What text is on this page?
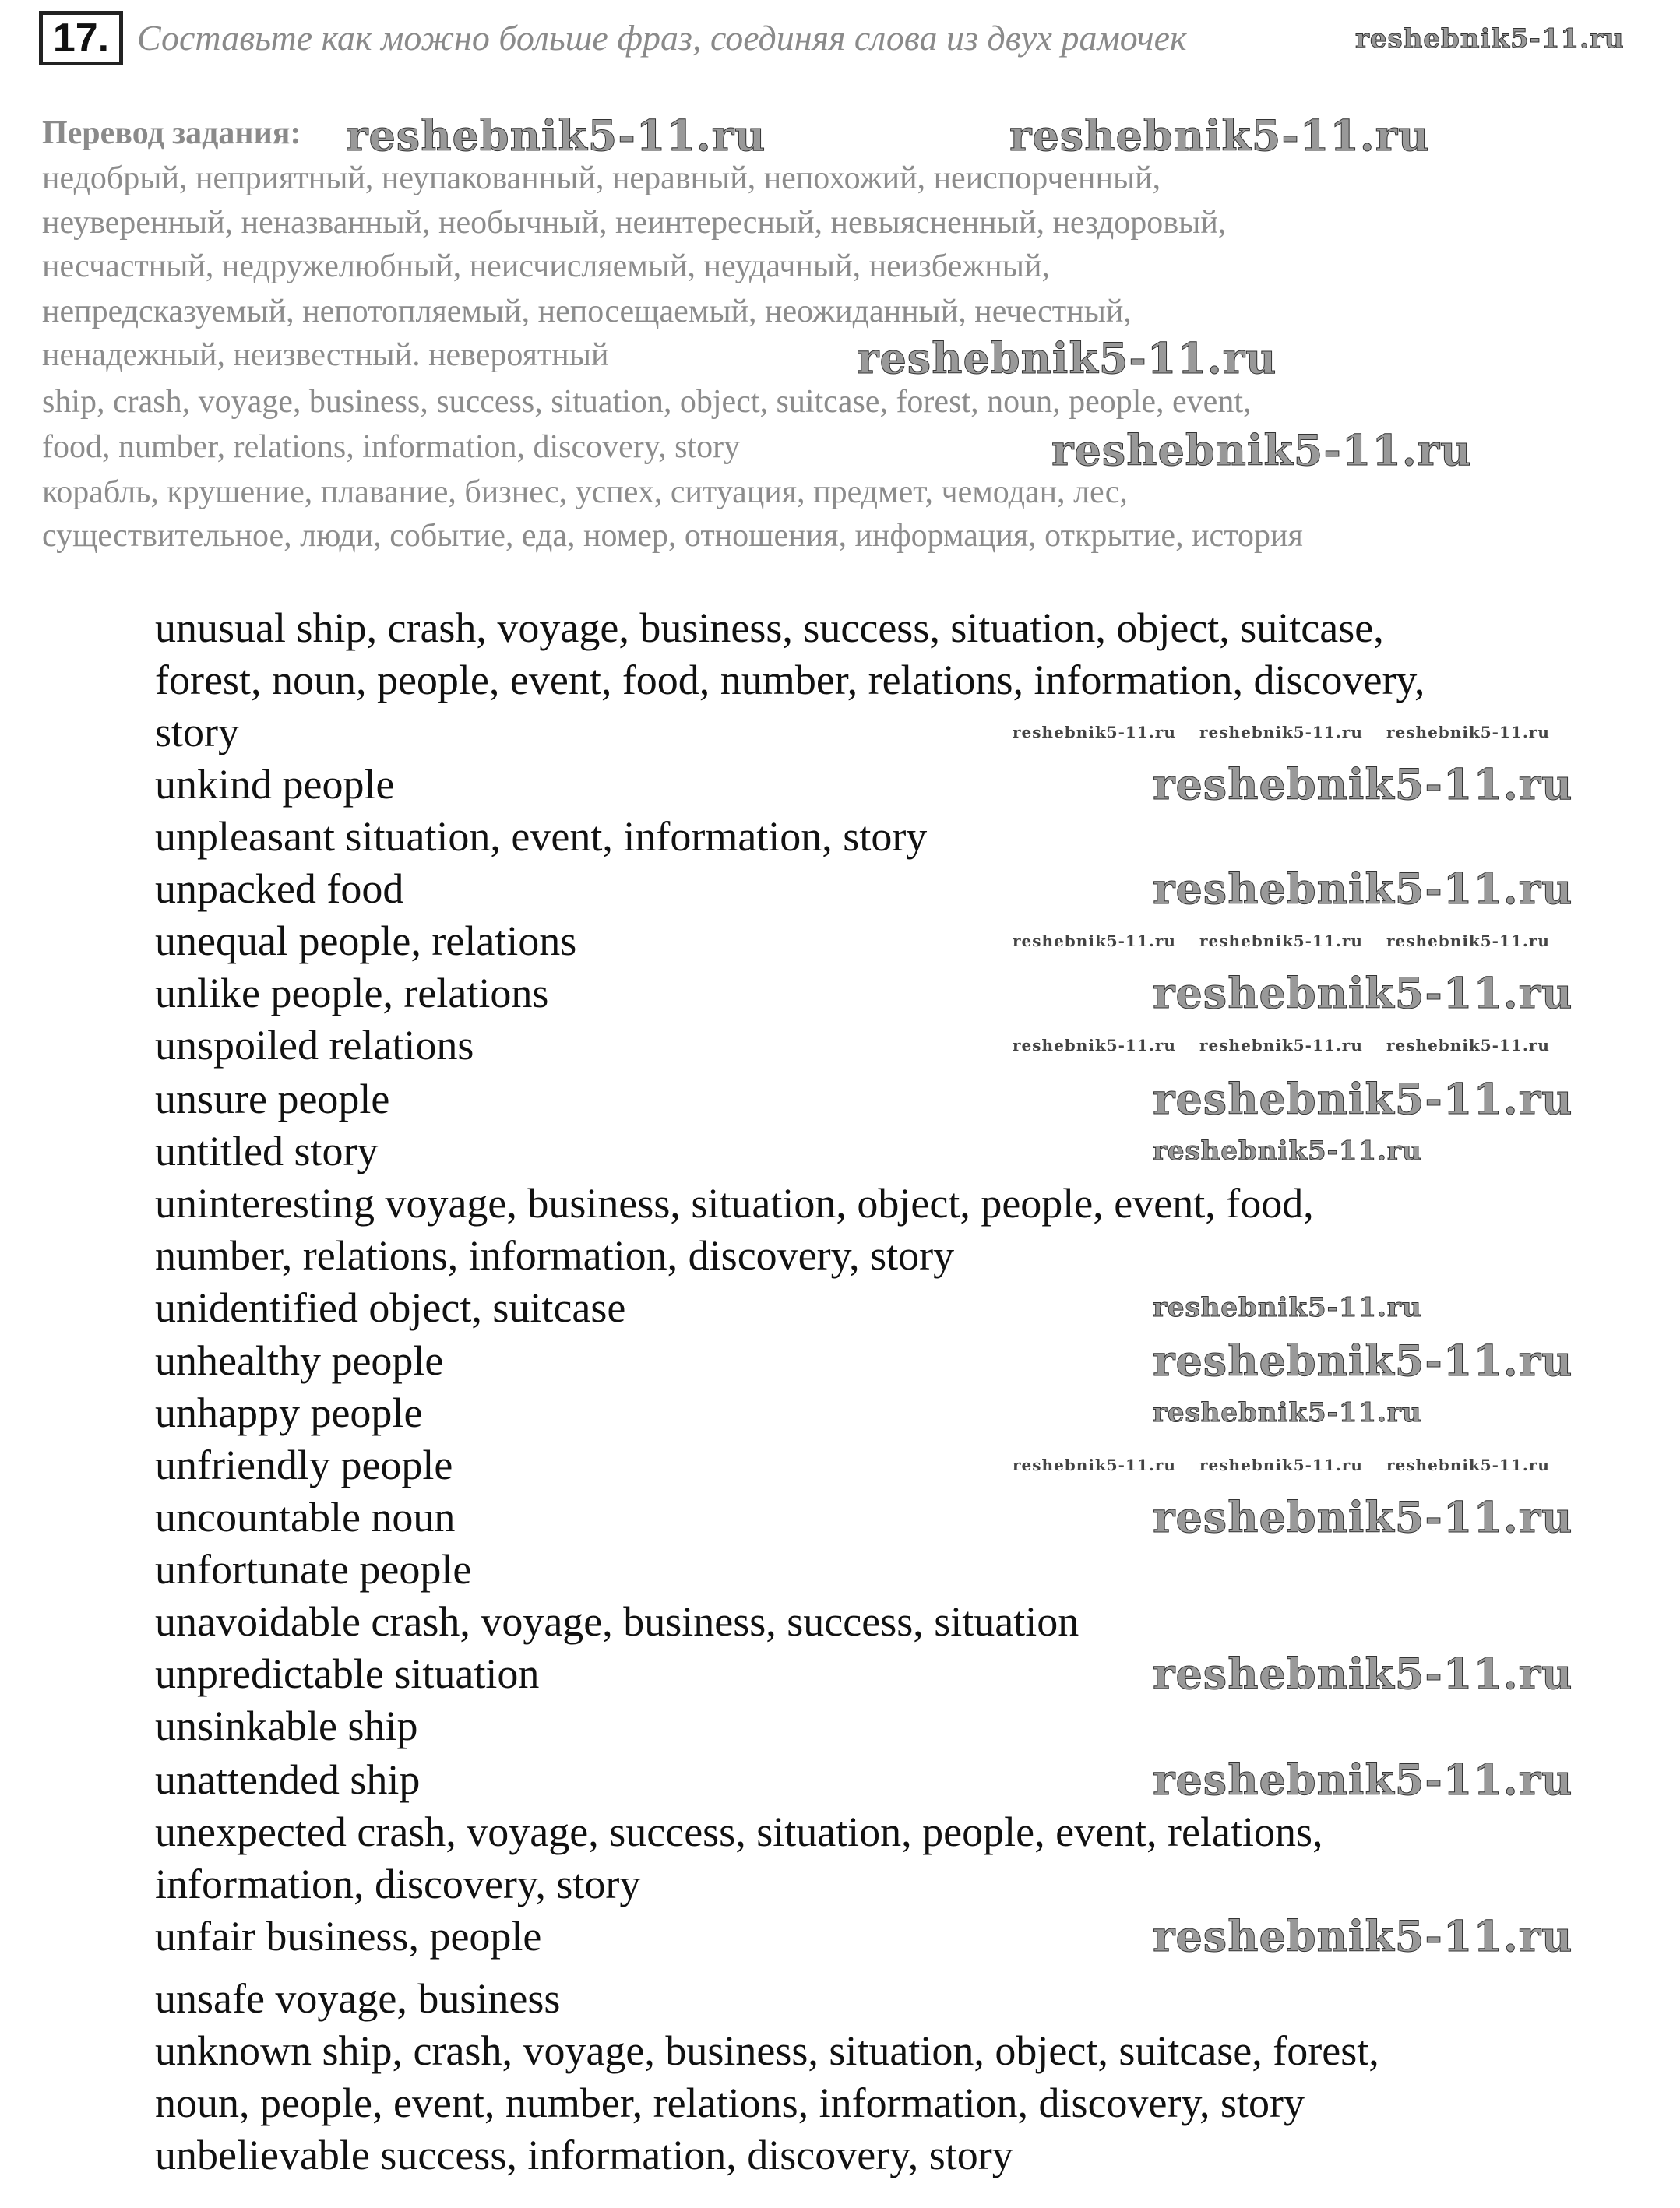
17. Составьте как можно больше фраз, соединяя слова из двух рамочек
Перевод задания:
недобрый, неприятный, неупакованный, неравный, непохожий, неиспорченный,
неуверенный, неназванный, необычный, неинтересный, невыясненный, нездоровый,
несчастный, недружелюбный, неисчисляемый, неудачный, неизбежный,
непредсказуемый, непотопляемый, непосещаемый, неожиданный, нечестный,
ненадежный, неизвестный. невероятный
ship, crash, voyage, business, success, situation, object, suitcase, forest, noun, people, event,
food, number, relations, information, discovery, story
корабль, крушение, плавание, бизнес, успех, ситуация, предмет, чемодан, лес,
существительное, люди, событие, еда, номер, отношения, информация, открытие, история
unusual ship, crash, voyage, business, success, situation, object, suitcase,
forest, noun, people, event, food, number, relations, information, discovery,
story
unkind people
unpleasant situation, event, information, story
unpacked food
unequal people, relations
unlike people, relations
unspoiled relations
unsure people
untitled story
uninteresting voyage, business, situation, object, people, event, food,
number, relations, information, discovery, story
unidentified object, suitcase
unhealthy people
unhappy people
unfriendly people
uncountable noun
unfortunate people
unavoidable crash, voyage, business, success, situation
unpredictable situation
unsinkable ship
unattended ship
unexpected crash, voyage, success, situation, people, event, relations,
information, discovery, story
unfair business, people
unsafe voyage, business
unknown ship, crash, voyage, business, situation, object, suitcase, forest,
noun, people, event, number, relations, information, discovery, story
unbelievable success, information, discovery, story
reshebnik5-11.ru
reshebnik5-11.ru	reshebnik5-11.ru
reshebnik5-11.ru
reshebnik5-11.ru
reshebnik5-11.ru
reshebnik5-11.ru
reshebnik5-11.ru
reshebnik5-11.ru
reshebnik5-11.ru
reshebnik5-11.ru
reshebnik5-11.ru
reshebnik5-11.ru
reshebnik5-11.ru
reshebnik5-11.ru
reshebnik5-11.ru
reshebnik5-11.ru
reshebnik5-11.ru reshebnik5-11.ru reshebnik5-11.ru
reshebnik5-11.ru reshebnik5-11.ru reshebnik5-11.ru
reshebnik5-11.ru reshebnik5-11.ru reshebnik5-11.ru
reshebnik5-11.ru reshebnik5-11.ru reshebnik5-11.ru
